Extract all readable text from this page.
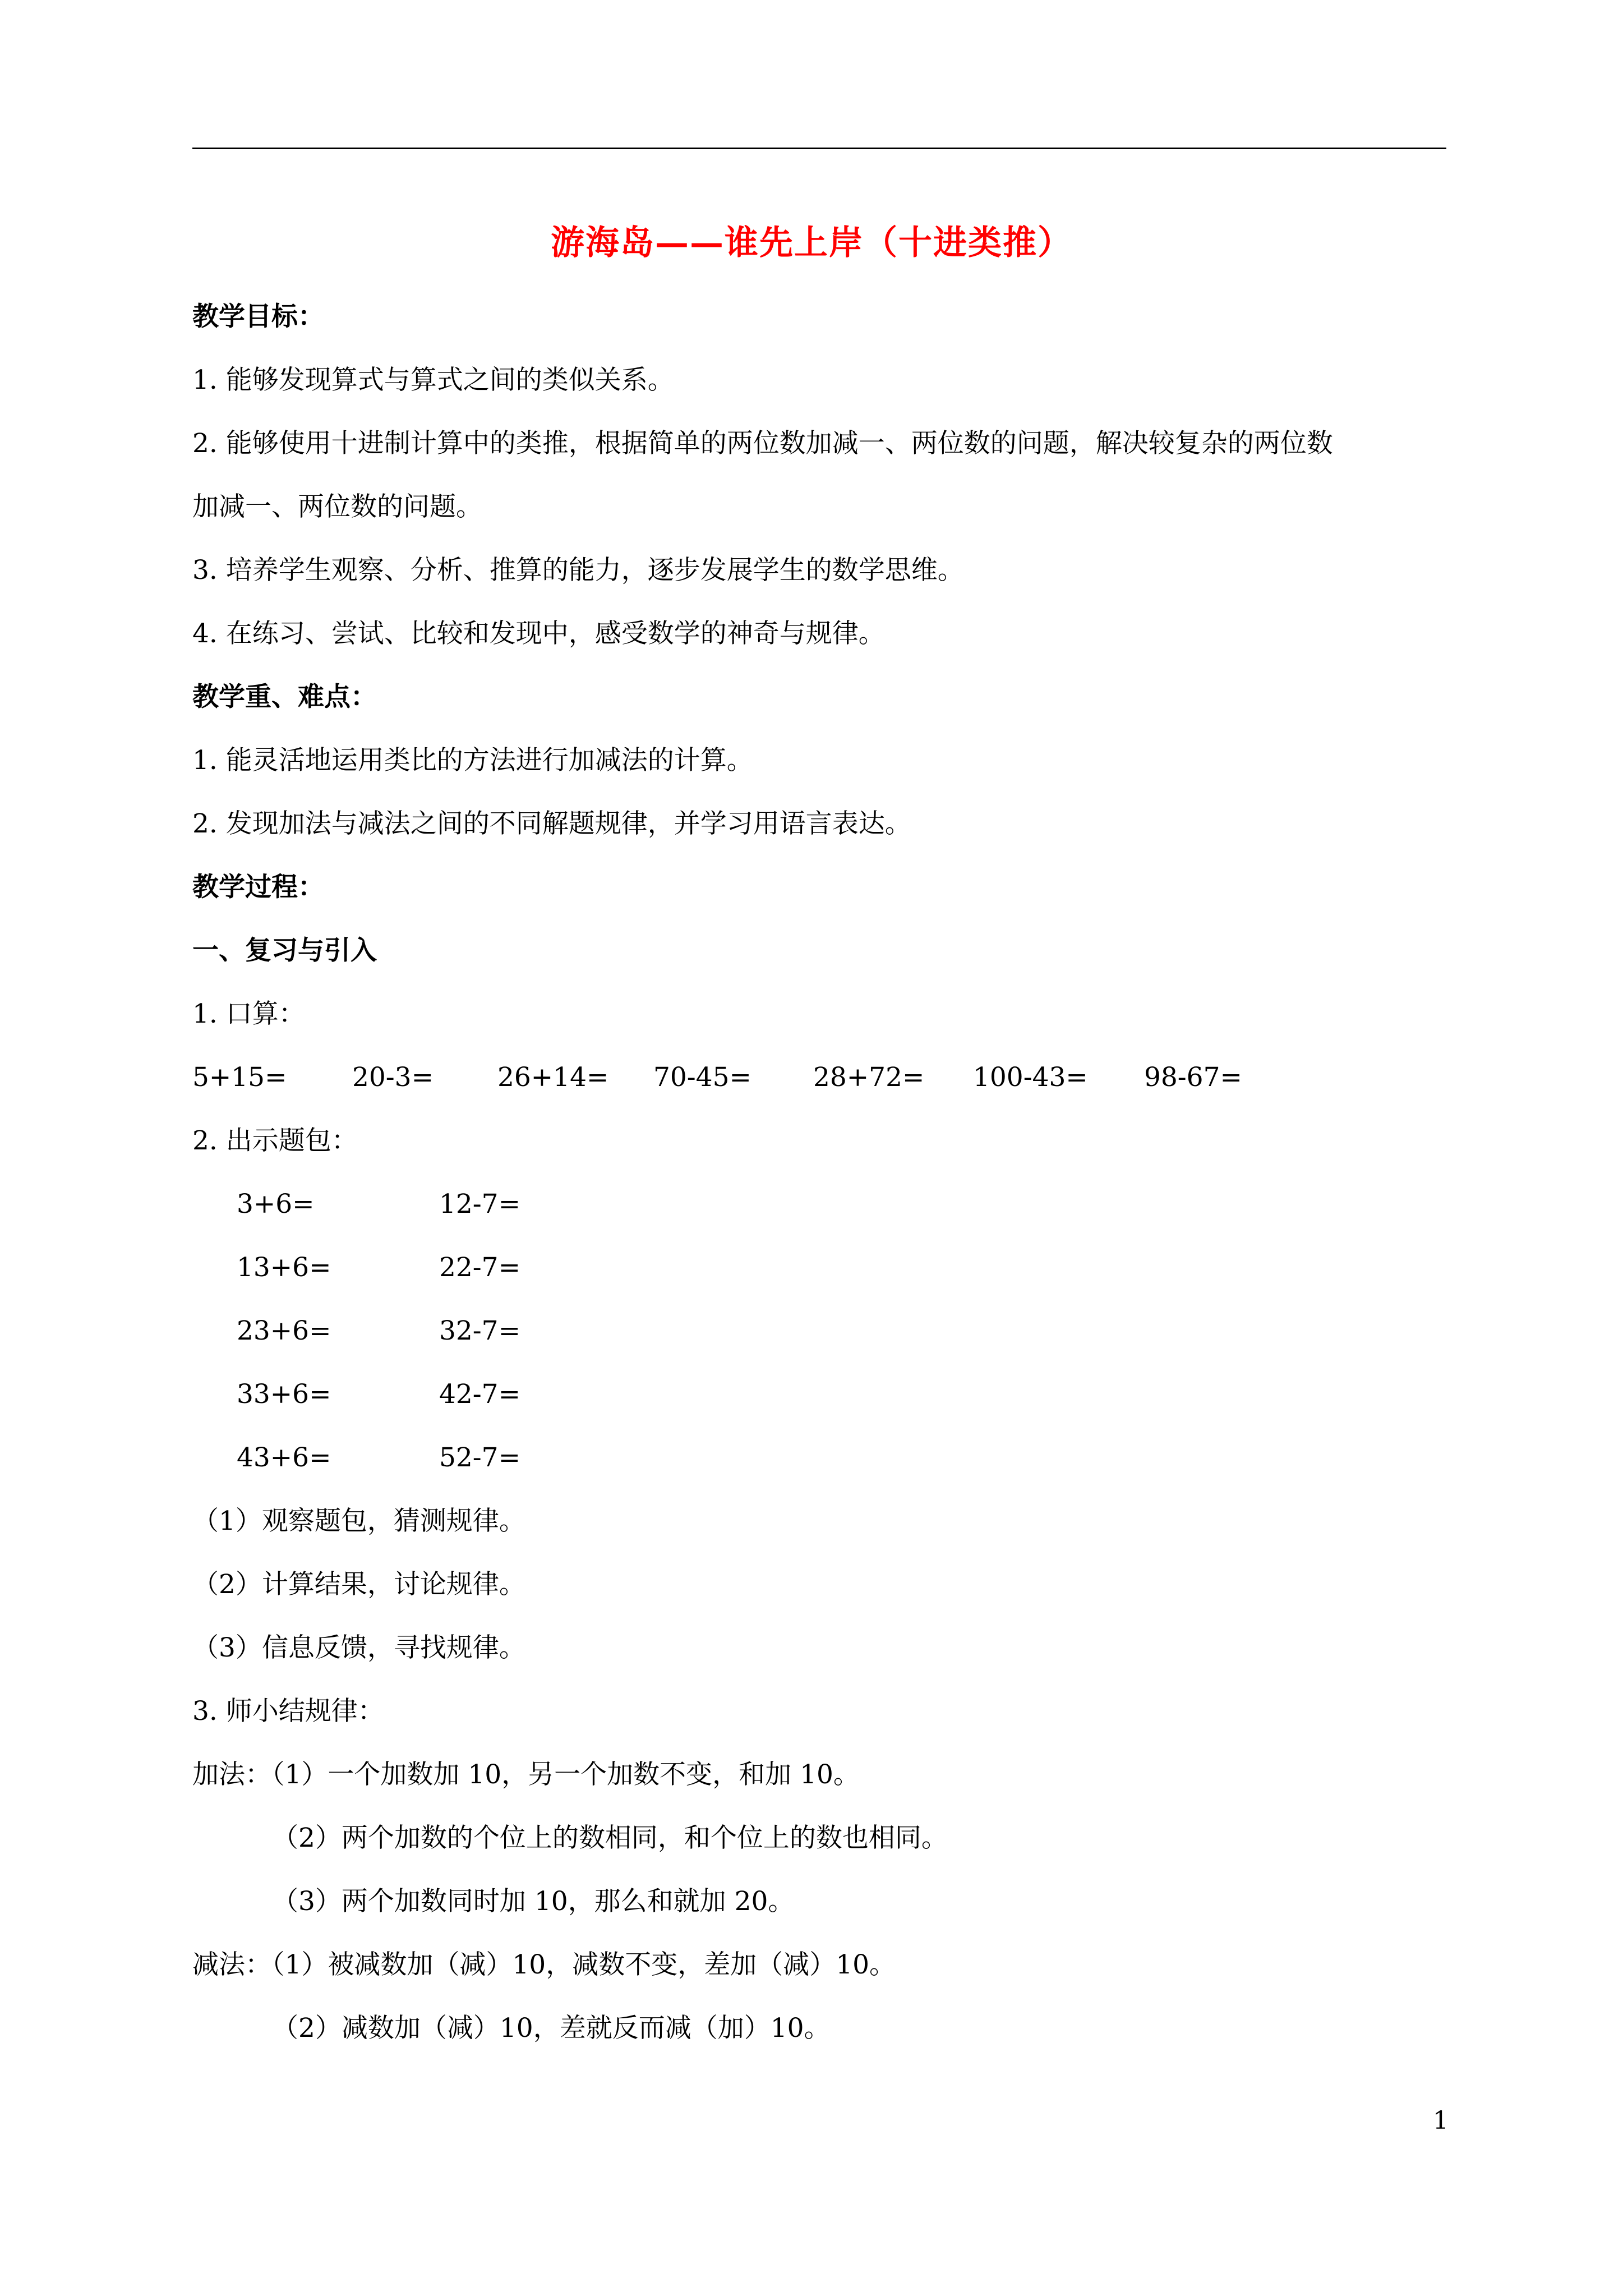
游海岛——谁先上岸（十进类推）
教学目标：
1. 能够发现算式与算式之间的类似关系。
2. 能够使用十进制计算中的类推，根据简单的两位数加减一、两位数的问题，解决较复杂的两位数
加减一、两位数的问题。
3. 培养学生观察、分析、推算的能力，逐步发展学生的数学思维。
4. 在练习、尝试、比较和发现中，感受数学的神奇与规律。
教学重、难点：
1. 能灵活地运用类比的方法进行加减法的计算。
2. 发现加法与减法之间的不同解题规律，并学习用语言表达。
教学过程：
一、复习与引入
1. 口算：
5+15= 20-3= 26+14= 70-45= 28+72= 100-43= 98-67=
2. 出示题包：
3+6=	12-7=
13+6=	22-7=
23+6=	32-7=
33+6=	42-7=
43+6=	52-7=
（1）观察题包，猜测规律。
（2）计算结果，讨论规律。
（3）信息反馈，寻找规律。
3. 师小结规律：
加法：（1）一个加数加 10，另一个加数不变，和加 10。
（2）两个加数的个位上的数相同，和个位上的数也相同。
（3）两个加数同时加 10，那么和就加 20。
减法：（1）被减数加（减）10，减数不变，差加（减）10。
（2）减数加（减）10，差就反而减（加）10。
1
